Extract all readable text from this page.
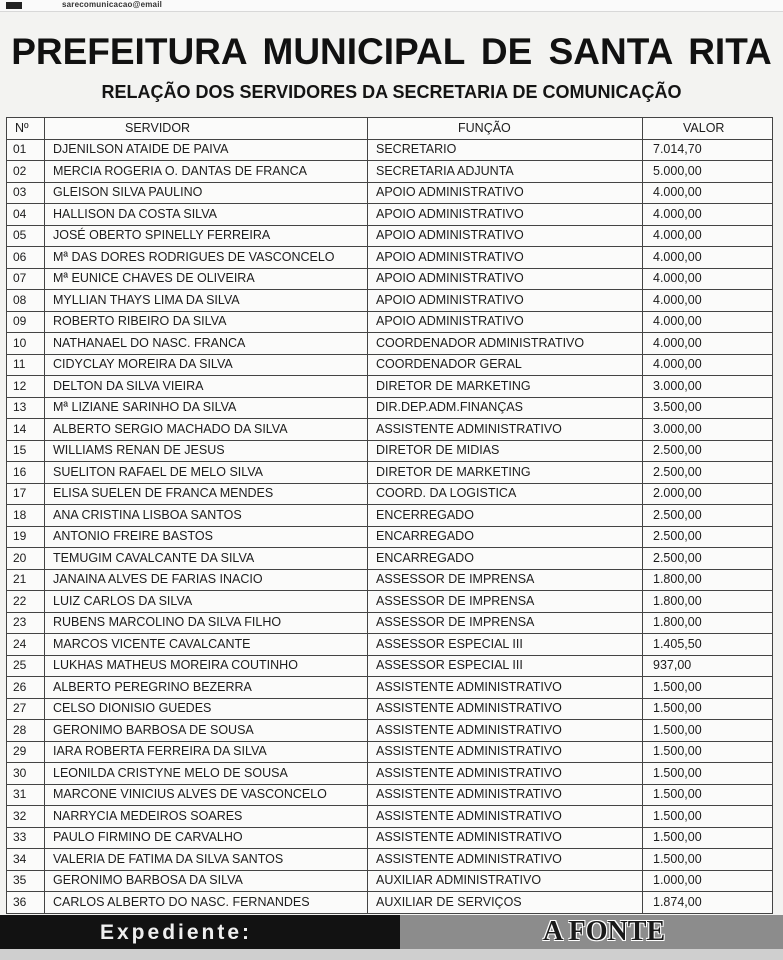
sarecomunicacao@email
PREFEITURA MUNICIPAL DE SANTA RITA
RELAÇÃO DOS SERVIDORES DA SECRETARIA DE COMUNICAÇÃO
Nº	SERVIDOR	FUNÇÃO	VALOR
01	DJENILSON ATAIDE DE PAIVA	SECRETARIO	7.014,70
02	MERCIA ROGERIA O. DANTAS DE FRANCA	SECRETARIA ADJUNTA	5.000,00
03	GLEISON SILVA PAULINO	APOIO ADMINISTRATIVO	4.000,00
04	HALLISON DA COSTA SILVA	APOIO ADMINISTRATIVO	4.000,00
05	JOSÉ OBERTO SPINELLY FERREIRA	APOIO ADMINISTRATIVO	4.000,00
06	Mª DAS DORES RODRIGUES DE VASCONCELO	APOIO ADMINISTRATIVO	4.000,00
07	Mª EUNICE CHAVES DE OLIVEIRA	APOIO ADMINISTRATIVO	4.000,00
08	MYLLIAN THAYS LIMA DA SILVA	APOIO ADMINISTRATIVO	4.000,00
09	ROBERTO RIBEIRO DA SILVA	APOIO ADMINISTRATIVO	4.000,00
10	NATHANAEL DO NASC. FRANCA	COORDENADOR ADMINISTRATIVO	4.000,00
11	CIDYCLAY MOREIRA DA SILVA	COORDENADOR GERAL	4.000,00
12	DELTON DA SILVA VIEIRA	DIRETOR DE MARKETING	3.000,00
13	Mª LIZIANE SARINHO DA SILVA	DIR.DEP.ADM.FINANÇAS	3.500,00
14	ALBERTO SERGIO MACHADO DA SILVA	ASSISTENTE ADMINISTRATIVO	3.000,00
15	WILLIAMS RENAN DE JESUS	DIRETOR DE MIDIAS	2.500,00
16	SUELITON RAFAEL DE MELO SILVA	DIRETOR DE MARKETING	2.500,00
17	ELISA SUELEN DE FRANCA MENDES	COORD. DA LOGISTICA	2.000,00
18	ANA CRISTINA LISBOA SANTOS	ENCERREGADO	2.500,00
19	ANTONIO FREIRE BASTOS	ENCARREGADO	2.500,00
20	TEMUGIM CAVALCANTE DA SILVA	ENCARREGADO	2.500,00
21	JANAINA ALVES DE FARIAS INACIO	ASSESSOR DE IMPRENSA	1.800,00
22	LUIZ CARLOS DA SILVA	ASSESSOR DE IMPRENSA	1.800,00
23	RUBENS MARCOLINO DA SILVA FILHO	ASSESSOR DE IMPRENSA	1.800,00
24	MARCOS VICENTE CAVALCANTE	ASSESSOR ESPECIAL III	1.405,50
25	LUKHAS MATHEUS MOREIRA COUTINHO	ASSESSOR ESPECIAL III	937,00
26	ALBERTO PEREGRINO BEZERRA	ASSISTENTE ADMINISTRATIVO	1.500,00
27	CELSO DIONISIO GUEDES	ASSISTENTE ADMINISTRATIVO	1.500,00
28	GERONIMO BARBOSA DE SOUSA	ASSISTENTE ADMINISTRATIVO	1.500,00
29	IARA ROBERTA FERREIRA DA SILVA	ASSISTENTE ADMINISTRATIVO	1.500,00
30	LEONILDA CRISTYNE MELO DE SOUSA	ASSISTENTE ADMINISTRATIVO	1.500,00
31	MARCONE VINICIUS ALVES DE VASCONCELO	ASSISTENTE ADMINISTRATIVO	1.500,00
32	NARRYCIA MEDEIROS SOARES	ASSISTENTE ADMINISTRATIVO	1.500,00
33	PAULO FIRMINO DE CARVALHO	ASSISTENTE ADMINISTRATIVO	1.500,00
34	VALERIA DE FATIMA DA SILVA SANTOS	ASSISTENTE ADMINISTRATIVO	1.500,00
35	GERONIMO BARBOSA DA SILVA	AUXILIAR ADMINISTRATIVO	1.000,00
36	CARLOS ALBERTO DO NASC. FERNANDES	AUXILIAR DE SERVIÇOS	1.874,00
Expediente:	A FONTE
